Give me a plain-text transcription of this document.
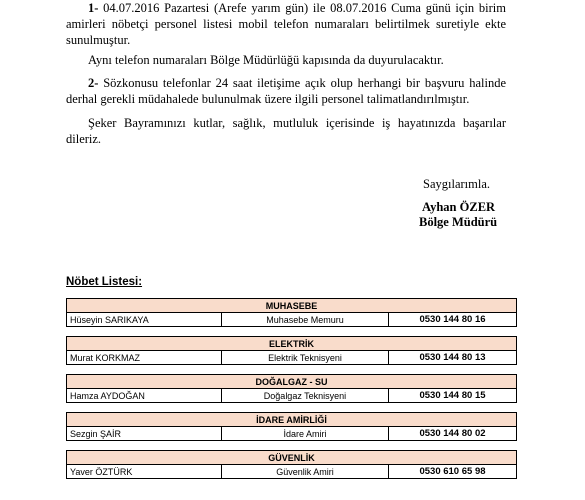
1- 04.07.2016 Pazartesi (Arefe yarım gün) ile 08.07.2016 Cuma günü için birim amirleri nöbetçi personel listesi mobil telefon numaraları belirtilmek suretiyle ekte sunulmuştur.
Aynı telefon numaraları Bölge Müdürlüğü kapısında da duyurulacaktır.
2- Sözkonusu telefonlar 24 saat iletişime açık olup herhangi bir başvuru halinde derhal gerekli müdahalede bulunulmak üzere ilgili personel talimatlandırılmıştır.
Şeker Bayramınızı kutlar, sağlık, mutluluk içerisinde iş hayatınızda başarılar dileriz.
Saygılarımla.
Ayhan ÖZER
Bölge Müdürü
Nöbet Listesi:
MUHASEBE		
Hüseyin SARIKAYA	Muhasebe Memuru	0530 144 80 16

ELEKTRİK		
Murat KORKMAZ	Elektrik Teknisyeni	0530 144 80 13

DOĞALGAZ - SU		
Hamza AYDOĞAN	Doğalgaz Teknisyeni	0530 144 80 15

İDARE AMİRLİĞİ		
Sezgin ŞAİR	İdare Amiri	0530 144 80 02

GÜVENLİK		
Yaver ÖZTÜRK	Güvenlik Amiri	0530 610 65 98
